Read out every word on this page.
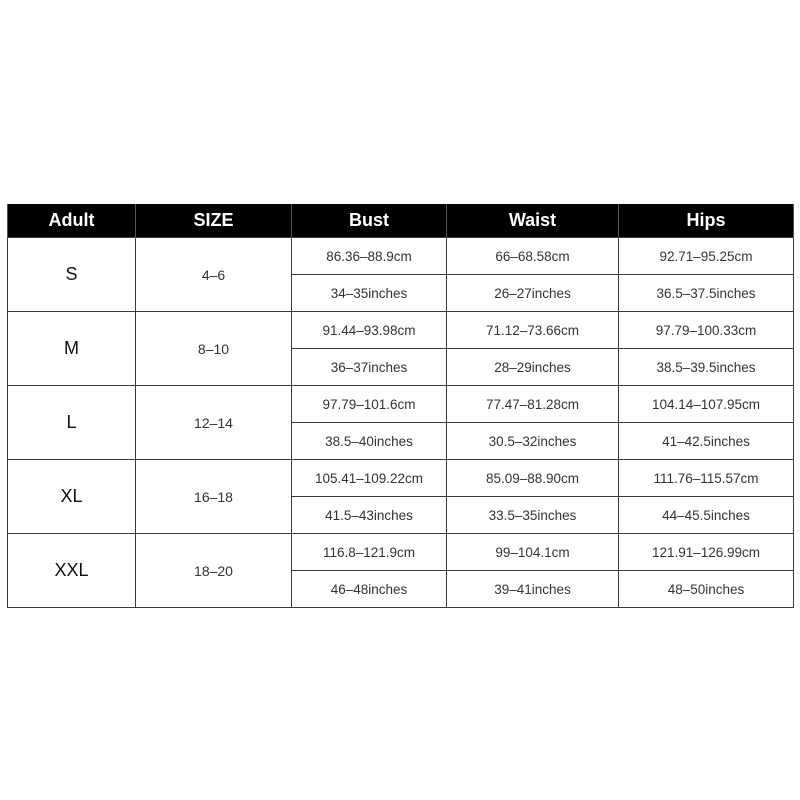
Adult	SIZE	Bust	Waist	Hips
S	4–6	86.36–88.9cm	66–68.58cm	92.71–95.25cm
		34–35inches	26–27inches	36.5–37.5inches
M	8–10	91.44–93.98cm	71.12–73.66cm	97.79–100.33cm
		36–37inches	28–29inches	38.5–39.5inches
L	12–14	97.79–101.6cm	77.47–81.28cm	104.14–107.95cm
		38.5–40inches	30.5–32inches	41–42.5inches
XL	16–18	105.41–109.22cm	85.09–88.90cm	111.76–115.57cm
		41.5–43inches	33.5–35inches	44–45.5inches
XXL	18–20	116.8–121.9cm	99–104.1cm	121.91–126.99cm
		46–48inches	39–41inches	48–50inches
